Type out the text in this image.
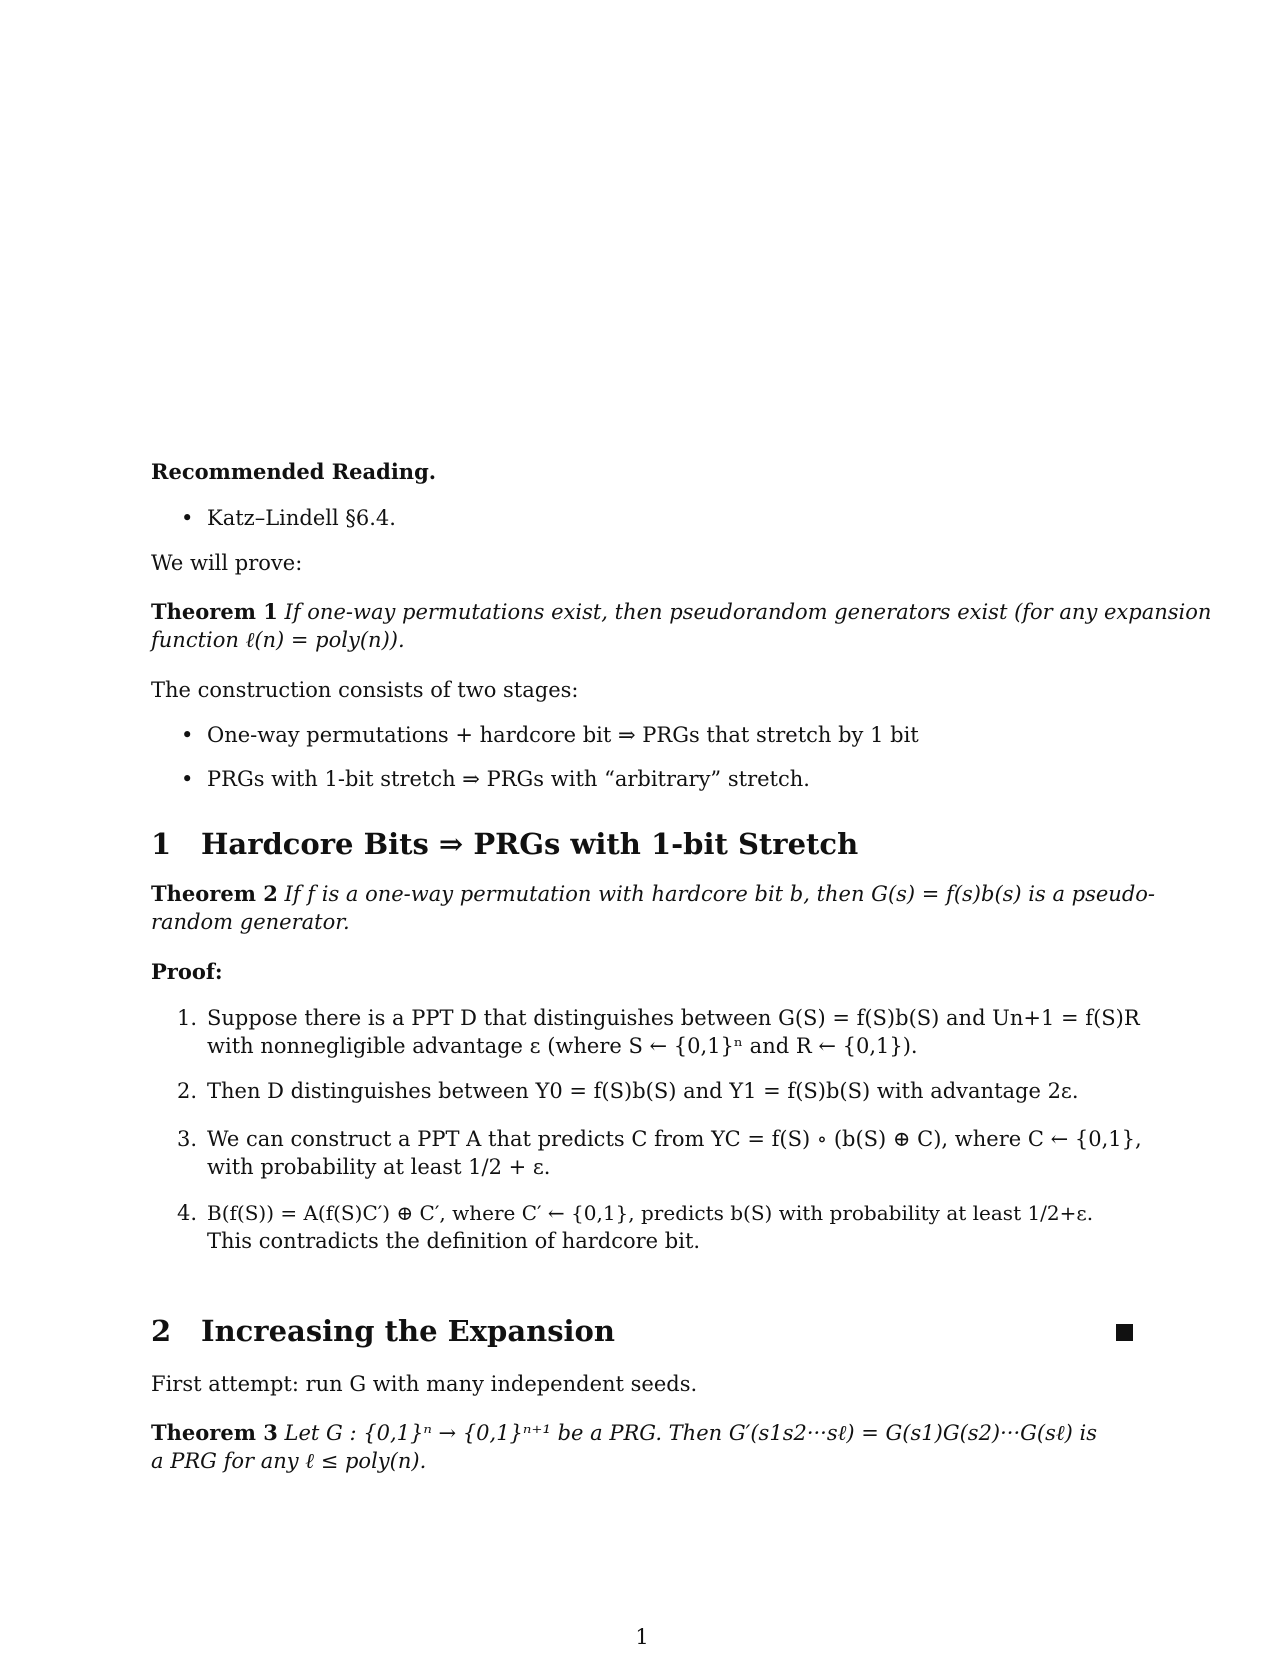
Recommended Reading.
• Katz–Lindell §6.4.
We will prove:
Theorem 1 If one-way permutations exist, then pseudorandom generators exist (for any expansion
function ℓ(n) = poly(n)).
The construction consists of two stages:
• One-way permutations + hardcore bit ⇒ PRGs that stretch by 1 bit
• PRGs with 1-bit stretch ⇒ PRGs with “arbitrary” stretch.
1 Hardcore Bits ⇒ PRGs with 1-bit Stretch
Theorem 2 If f is a one-way permutation with hardcore bit b, then G(s) = f(s)b(s) is a pseudo-
random generator.
Proof:
1. Suppose there is a PPT D that distinguishes between G(S) = f(S)b(S) and Un+1 = f(S)R
with nonnegligible advantage ε (where S ← {0,1}ⁿ and R ← {0,1}).
2. Then D distinguishes between Y0 = f(S)b(S) and Y1 = f(S)b(S) with advantage 2ε.
3. We can construct a PPT A that predicts C from YC = f(S) ∘ (b(S) ⊕ C), where C ← {0,1},
with probability at least 1/2 + ε.
4. B(f(S)) = A(f(S)C′) ⊕ C′, where C′ ← {0,1}, predicts b(S) with probability at least 1/2+ε.
This contradicts the definition of hardcore bit.
2 Increasing the Expansion
First attempt: run G with many independent seeds.
Theorem 3 Let G : {0,1}ⁿ → {0,1}ⁿ⁺¹ be a PRG. Then G′(s1s2···sℓ) = G(s1)G(s2)···G(sℓ) is
a PRG for any ℓ ≤ poly(n).
1
